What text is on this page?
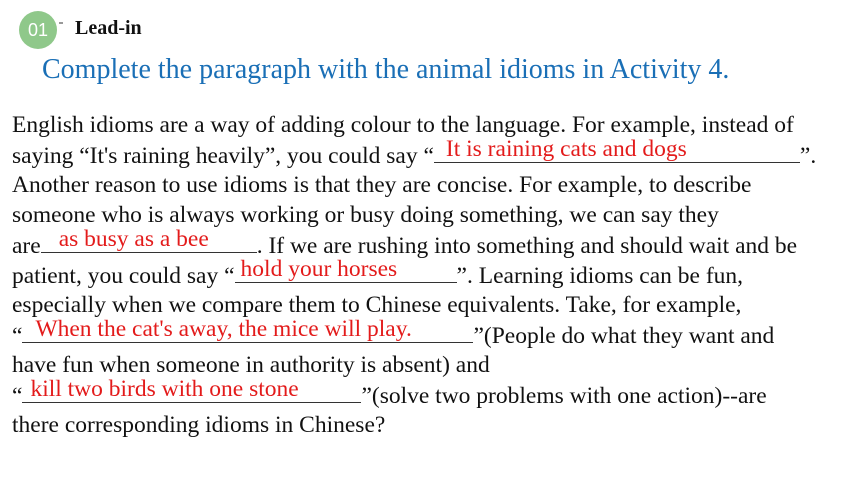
01	Lead-in
Complete the paragraph with the animal idioms in Activity 4.
English idioms are a way of adding colour to the language. For example, instead of
saying “It's raining heavily”, you could say “ It is raining cats and dogs	”.
Another reason to use idioms is that they are concise. For example, to describe
someone who is always working or busy doing something, we can say they
are as busy as a bee . If we are rushing into something and should wait and be
patient, you could say “ hold your horses	”. Learning idioms can be fun,
especially when we compare them to Chinese equivalents. Take, for example,
“ When the cat's away, the mice will play.	”(People do what they want and
have fun when someone in authority is absent) and
“ kill two birds with one stone	”(solve two problems with one action)--are
there corresponding idioms in Chinese?
